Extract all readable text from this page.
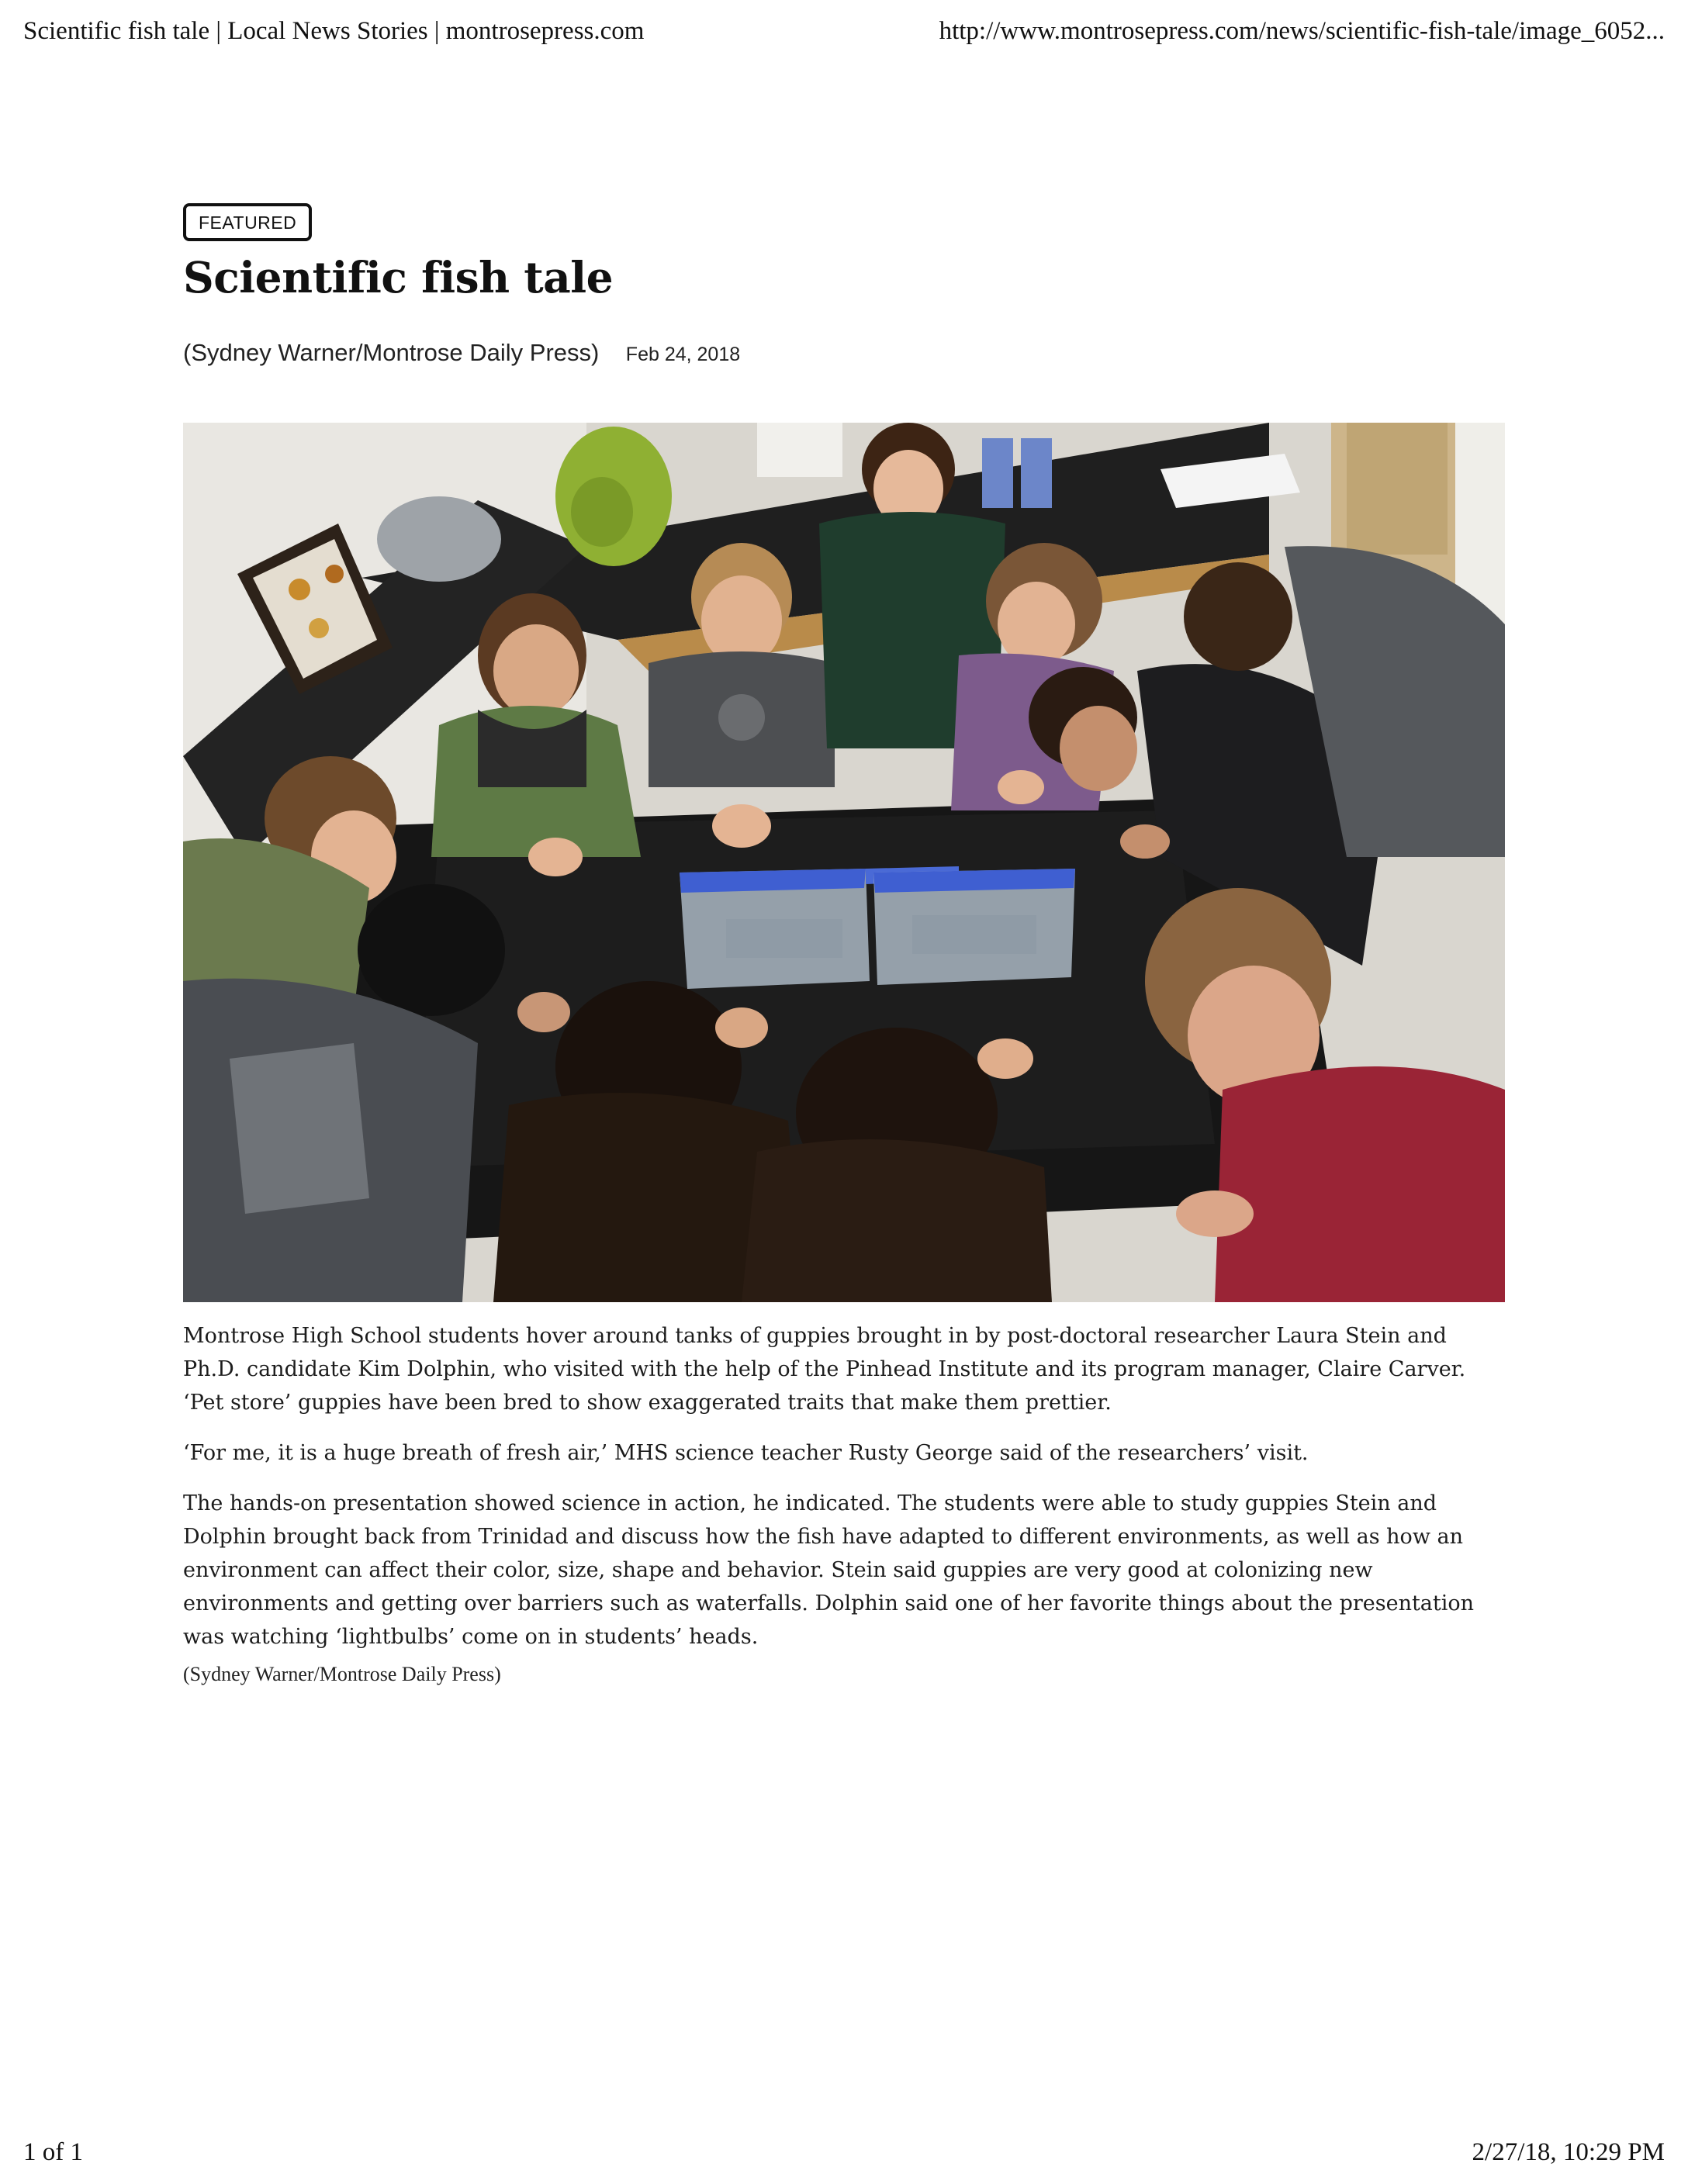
Scientific fish tale | Local News Stories | montrosepress.com	http://www.montrosepress.com/news/scientific-fish-tale/image_6052...
FEATURED
Scientific fish tale
(Sydney Warner/Montrose Daily Press) Feb 24, 2018

Montrose High School students hover around tanks of guppies brought in by post-doctoral researcher Laura Stein and Ph.D. candidate Kim Dolphin, who visited with the help of the Pinhead Institute and its program manager, Claire Carver. ‘Pet store’ guppies have been bred to show exaggerated traits that make them prettier.

‘For me, it is a huge breath of fresh air,’ MHS science teacher Rusty George said of the researchers’ visit.

The hands-on presentation showed science in action, he indicated. The students were able to study guppies Stein and Dolphin brought back from Trinidad and discuss how the fish have adapted to different environments, as well as how an environment can affect their color, size, shape and behavior. Stein said guppies are very good at colonizing new environments and getting over barriers such as waterfalls. Dolphin said one of her favorite things about the presentation was watching ‘lightbulbs’ come on in students’ heads.

(Sydney Warner/Montrose Daily Press)
1 of 1	2/27/18, 10:29 PM
